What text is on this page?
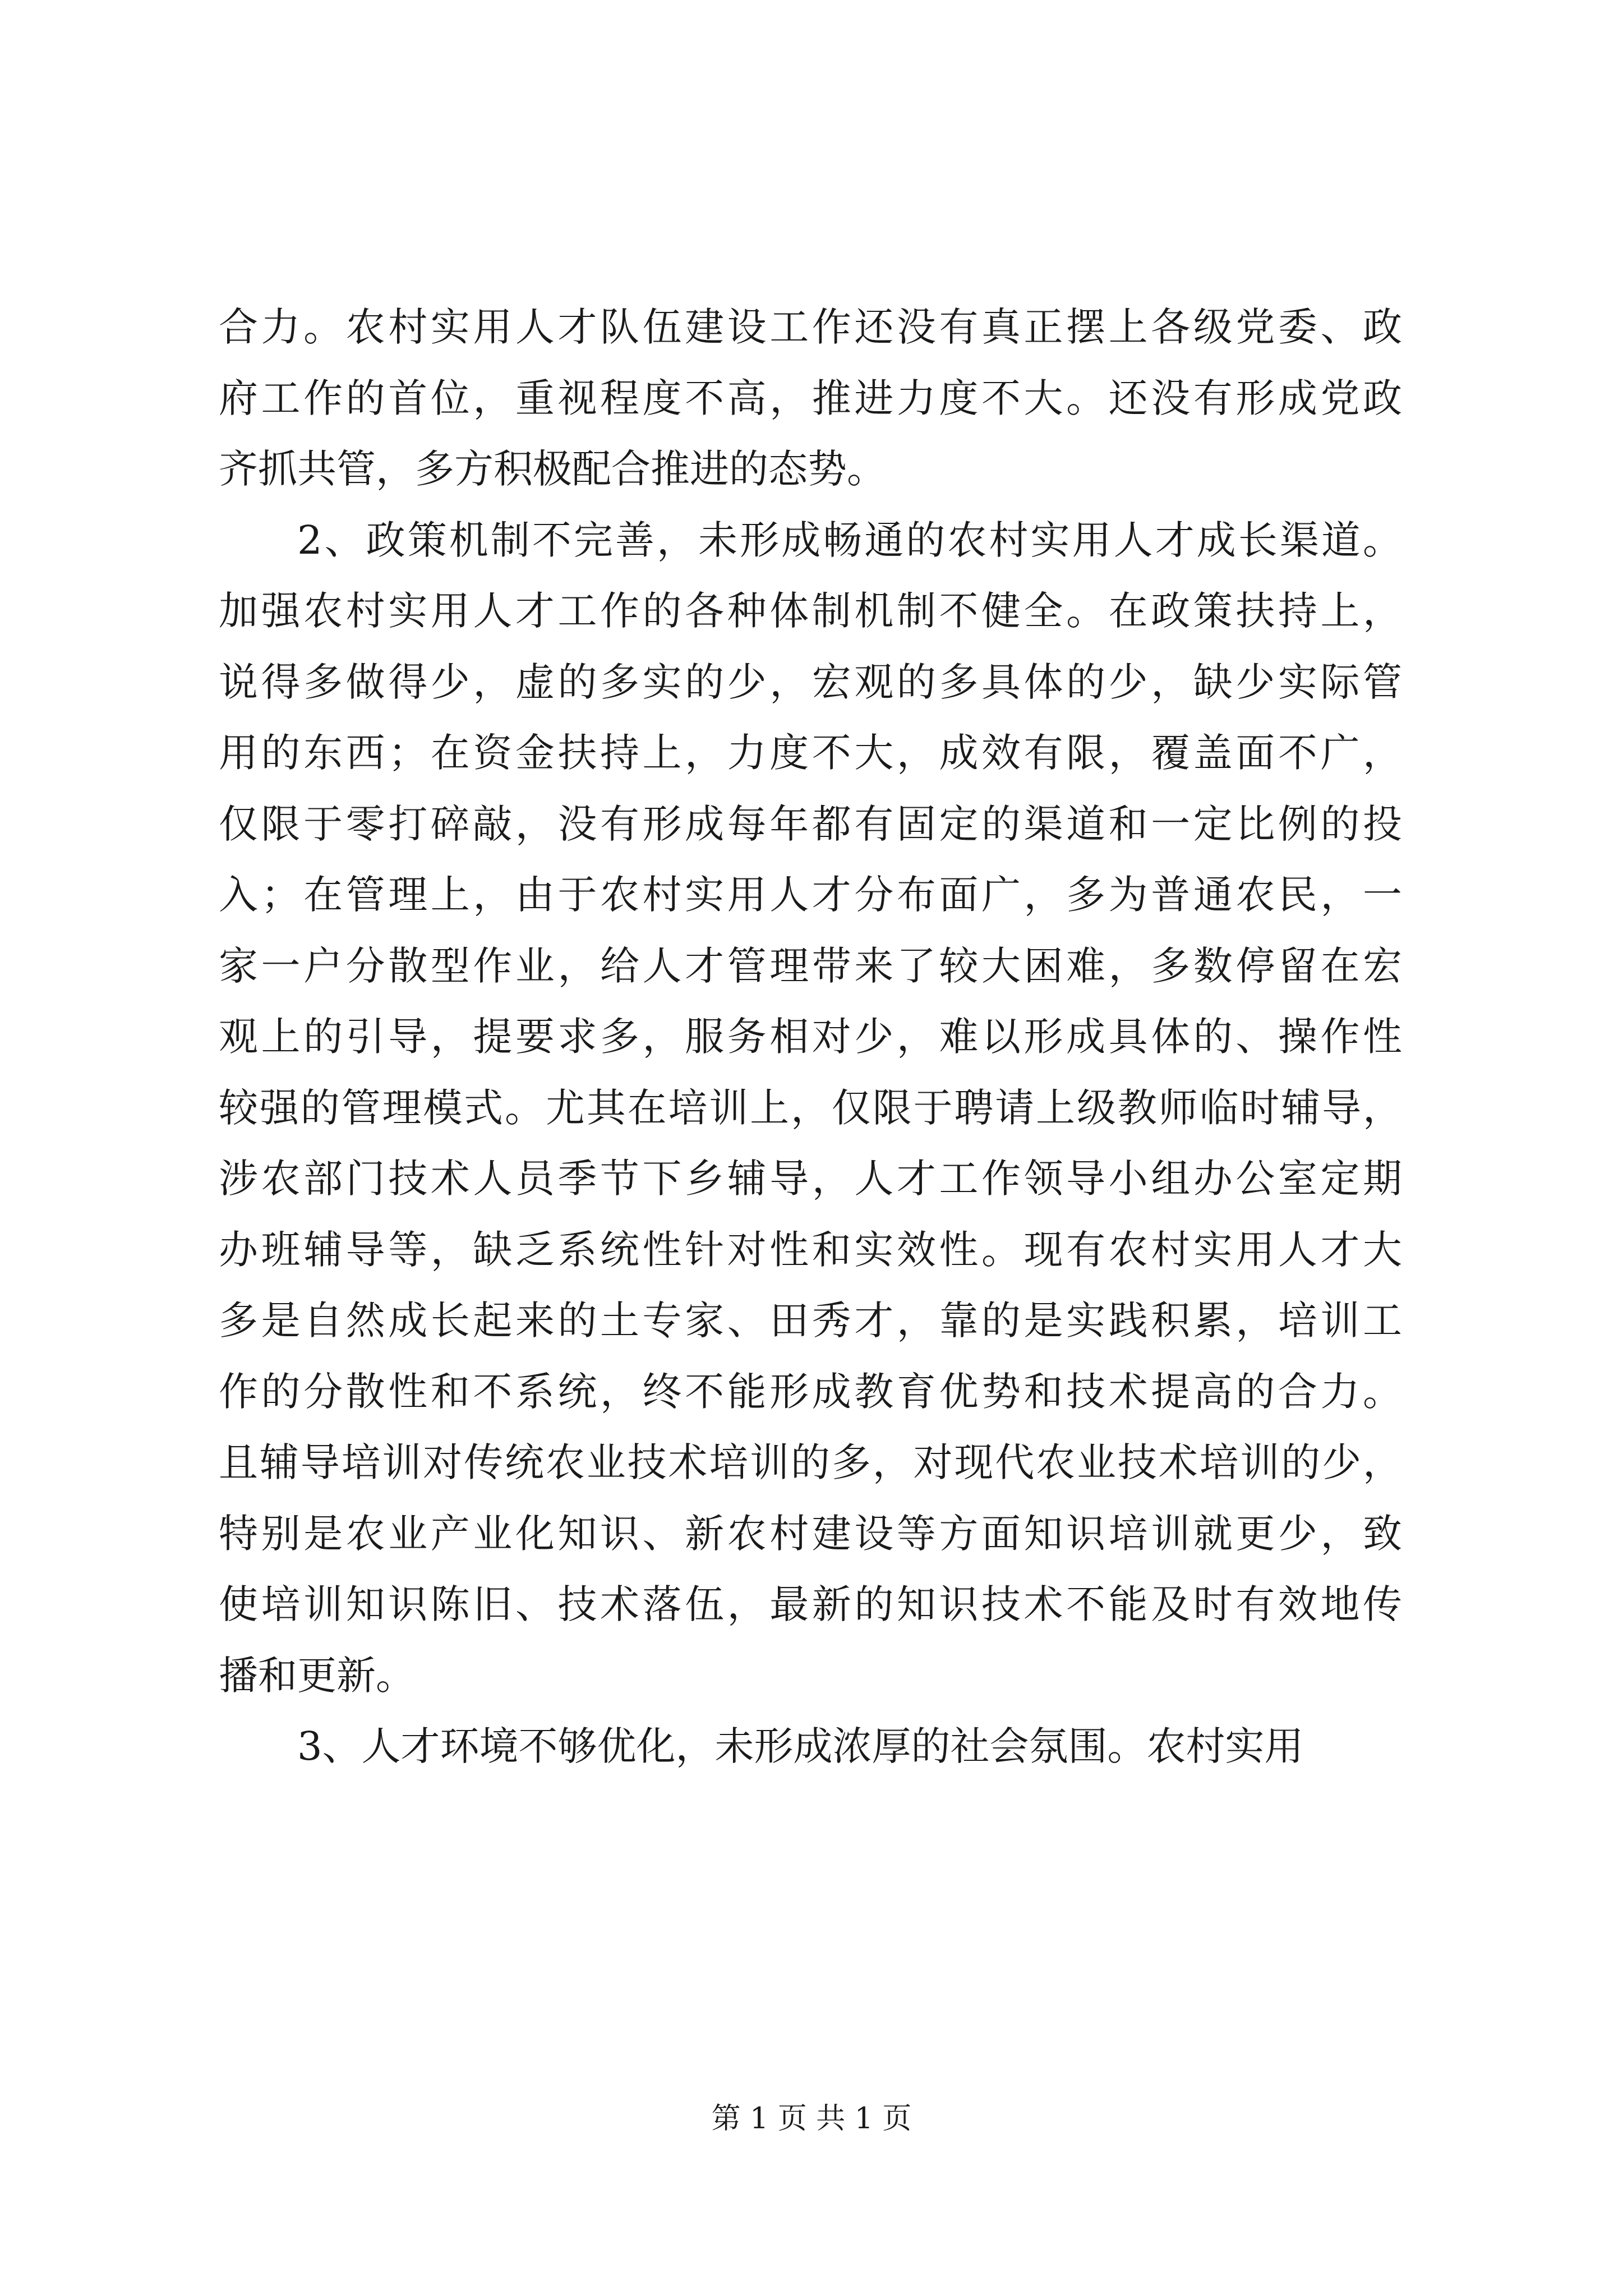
合力。农村实用人才队伍建设工作还没有真正摆上各级党委、政
府工作的首位，重视程度不高，推进力度不大。还没有形成党政
齐抓共管，多方积极配合推进的态势。
2、政策机制不完善，未形成畅通的农村实用人才成长渠道。
加强农村实用人才工作的各种体制机制不健全。在政策扶持上，
说得多做得少，虚的多实的少，宏观的多具体的少，缺少实际管
用的东西；在资金扶持上，力度不大，成效有限，覆盖面不广，
仅限于零打碎敲，没有形成每年都有固定的渠道和一定比例的投
入；在管理上，由于农村实用人才分布面广，多为普通农民，一
家一户分散型作业，给人才管理带来了较大困难，多数停留在宏
观上的引导，提要求多，服务相对少，难以形成具体的、操作性
较强的管理模式。尤其在培训上，仅限于聘请上级教师临时辅导，
涉农部门技术人员季节下乡辅导，人才工作领导小组办公室定期
办班辅导等，缺乏系统性针对性和实效性。现有农村实用人才大
多是自然成长起来的土专家、田秀才，靠的是实践积累，培训工
作的分散性和不系统，终不能形成教育优势和技术提高的合力。
且辅导培训对传统农业技术培训的多，对现代农业技术培训的少，
特别是农业产业化知识、新农村建设等方面知识培训就更少，致
使培训知识陈旧、技术落伍，最新的知识技术不能及时有效地传
播和更新。
3、人才环境不够优化，未形成浓厚的社会氛围。农村实用
第 1 页 共 1 页
